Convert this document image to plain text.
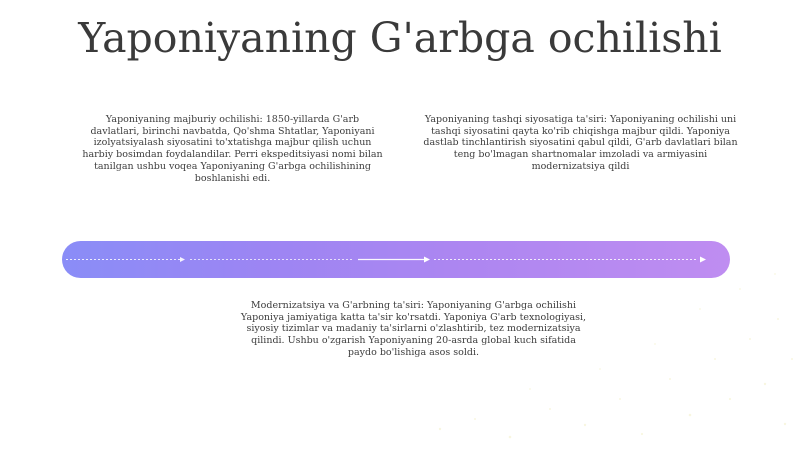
Yaponiyaning G'arbga ochilishi
Yaponiyaning majburiy ochilishi: 1850-yillarda G'arb davlatlari, birinchi navbatda, Qo'shma Shtatlar, Yaponiyani izolyatsiyalash siyosatini to'xtatishga majbur qilish uchun harbiy bosimdan foydalandilar. Perri ekspeditsiyasi nomi bilan tanilgan ushbu voqea Yaponiyaning G'arbga ochilishining boshlanishi edi.
Yaponiyaning tashqi siyosatiga ta'siri: Yaponiyaning ochilishi uni tashqi siyosatini qayta ko'rib chiqishga majbur qildi. Yaponiya dastlab tinchlantirish siyosatini qabul qildi, G'arb davlatlari bilan teng bo'lmagan shartnomalar imzoladi va armiyasini modernizatsiya qildi
Modernizatsiya va G'arbning ta'siri: Yaponiyaning G'arbga ochilishi Yaponiya jamiyatiga katta ta'sir ko'rsatdi. Yaponiya G'arb texnologiyasi, siyosiy tizimlar va madaniy ta'sirlarni o'zlashtirib, tez modernizatsiya qilindi. Ushbu o'zgarish Yaponiyaning 20-asrda global kuch sifatida paydo bo'lishiga asos soldi.
